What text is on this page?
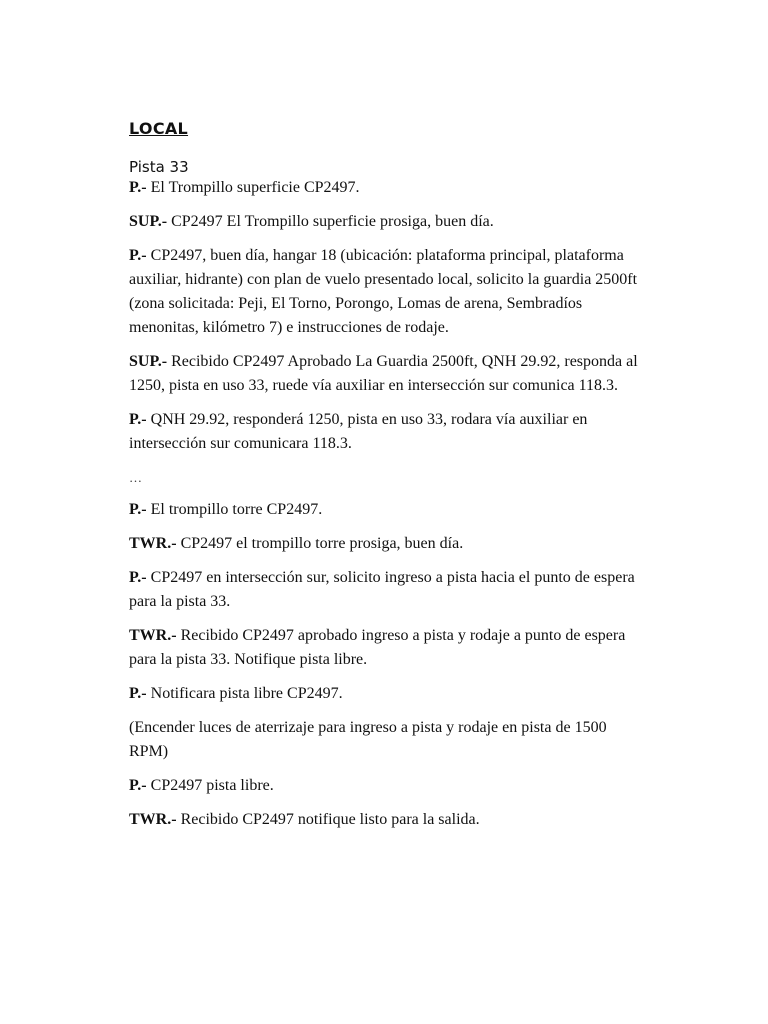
LOCAL

Pista 33

P.- El Trompillo superficie CP2497.

SUP.- CP2497 El Trompillo superficie prosiga, buen día.

P.- CP2497, buen día, hangar 18 (ubicación: plataforma principal, plataforma auxiliar, hidrante) con plan de vuelo presentado local, solicito la guardia 2500ft (zona solicitada: Peji, El Torno, Porongo, Lomas de arena, Sembradíos menonitas, kilómetro 7) e instrucciones de rodaje.

SUP.- Recibido CP2497 Aprobado La Guardia 2500ft, QNH 29.92, responda al 1250, pista en uso 33, ruede vía auxiliar en intersección sur comunica 118.3.

P.- QNH 29.92, responderá 1250, pista en uso 33, rodara vía auxiliar en intersección sur comunicara 118.3.

…

P.- El trompillo torre CP2497.

TWR.- CP2497 el trompillo torre prosiga, buen día.

P.- CP2497 en intersección sur, solicito ingreso a pista hacia el punto de espera para la pista 33.

TWR.- Recibido CP2497 aprobado ingreso a pista y rodaje a punto de espera para la pista 33. Notifique pista libre.

P.- Notificara pista libre CP2497.

(Encender luces de aterrizaje para ingreso a pista y rodaje en pista de 1500 RPM)

P.- CP2497 pista libre.

TWR.- Recibido CP2497 notifique listo para la salida.
